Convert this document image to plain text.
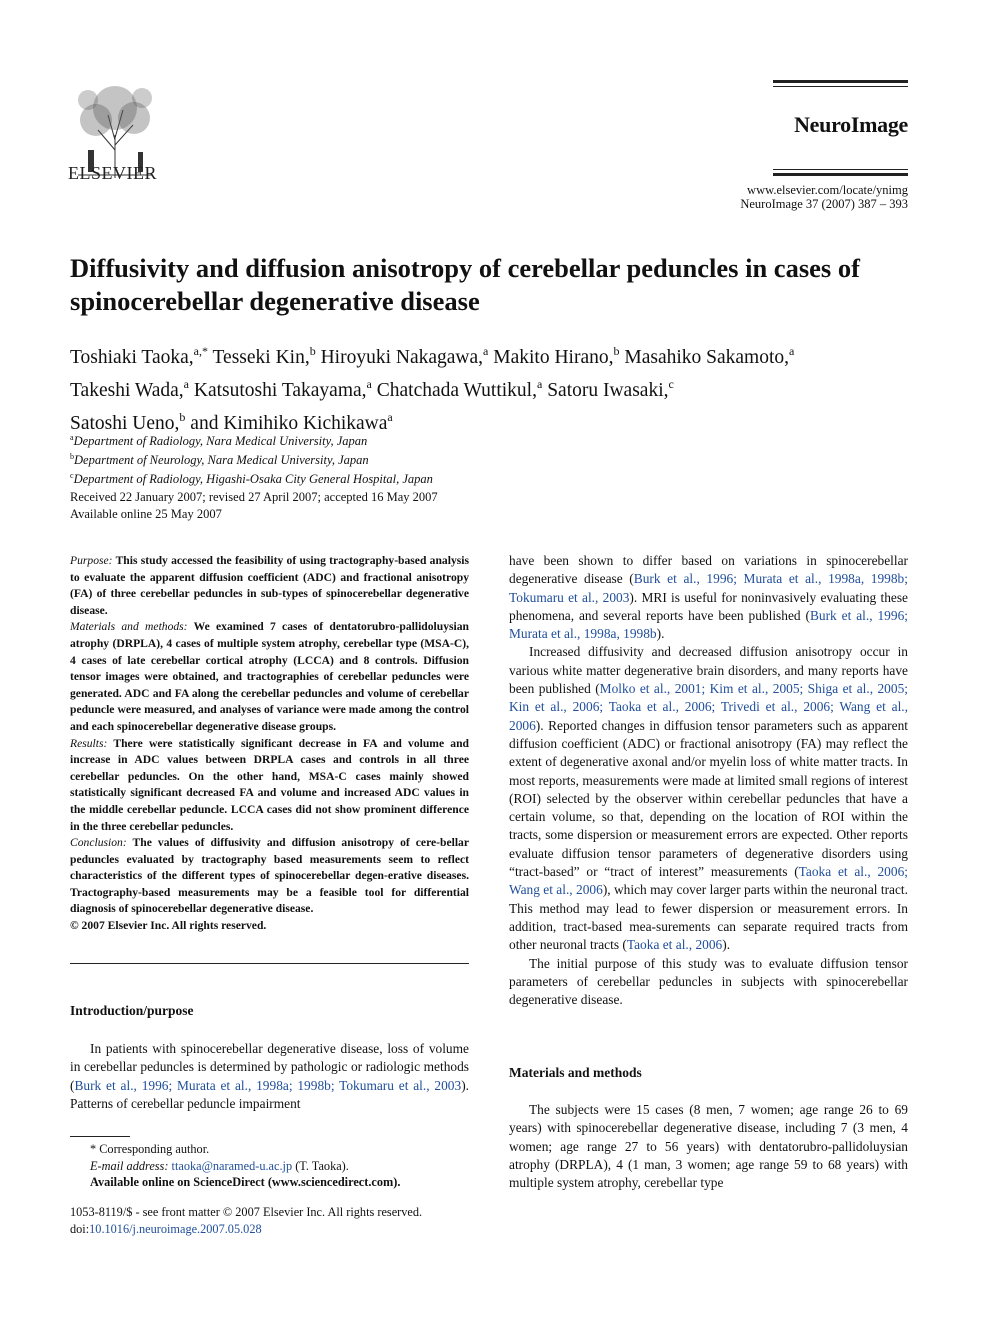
ELSEVIER
NeuroImage
www.elsevier.com/locate/ynimg
NeuroImage 37 (2007) 387 – 393
Diffusivity and diffusion anisotropy of cerebellar peduncles in cases of spinocerebellar degenerative disease
Toshiaki Taoka,$^{a,*}$ Tesseki Kin,$^b$ Hiroyuki Nakagawa,$^a$ Makito Hirano,$^b$ Masahiko Sakamoto,$^a$
Takeshi Wada,$^a$ Katsutoshi Takayama,$^a$ Chatchada Wuttikul,$^a$ Satoru Iwasaki,$^c$
Satoshi Ueno,$^b$ and Kimihiko Kichikawa$^a$
$^a$Department of Radiology, Nara Medical University, Japan
$^b$Department of Neurology, Nara Medical University, Japan
$^c$Department of Radiology, Higashi-Osaka City General Hospital, Japan
Received 22 January 2007; revised 27 April 2007; accepted 16 May 2007
Available online 25 May 2007

Purpose: This study accessed the feasibility of using tractography-based analysis to evaluate the apparent diffusion coefficient (ADC) and fractional anisotropy (FA) of three cerebellar peduncles in sub-types of spinocerebellar degenerative disease.

Materials and methods: We examined 7 cases of dentatorubro-pallidoluysian atrophy (DRPLA), 4 cases of multiple system atrophy, cerebellar type (MSA-C), 4 cases of late cerebellar cortical atrophy (LCCA) and 8 controls. Diffusion tensor images were obtained, and tractographies of cerebellar peduncles were generated. ADC and FA along the cerebellar peduncles and volume of cerebellar peduncle were measured, and analyses of variance were made among the control and each spinocerebellar degenerative disease groups.

Results: There were statistically significant decrease in FA and volume and increase in ADC values between DRPLA cases and controls in all three cerebellar peduncles. On the other hand, MSA-C cases mainly showed statistically significant decreased FA and volume and increased ADC values in the middle cerebellar peduncle. LCCA cases did not show prominent difference in the three cerebellar peduncles.

Conclusion: The values of diffusivity and diffusion anisotropy of cere-bellar peduncles evaluated by tractography based measurements seem to reflect characteristics of the different types of spinocerebellar degen-erative diseases. Tractography-based measurements may be a feasible tool for differential diagnosis of spinocerebellar degenerative disease.

© 2007 Elsevier Inc. All rights reserved.

Introduction/purpose

In patients with spinocerebellar degenerative disease, loss of volume in cerebellar peduncles is determined by pathologic or radiologic methods (Burk et al., 1996; Murata et al., 1998a; 1998b; Tokumaru et al., 2003). Patterns of cerebellar peduncle impairment

* Corresponding author.
E-mail address: ttaoka@naramed-u.ac.jp (T. Taoka).
Available online on ScienceDirect (www.sciencedirect.com).
1053-8119/$ - see front matter © 2007 Elsevier Inc. All rights reserved.
doi:10.1016/j.neuroimage.2007.05.028

have been shown to differ based on variations in spinocerebellar degenerative disease (Burk et al., 1996; Murata et al., 1998a, 1998b; Tokumaru et al., 2003). MRI is useful for noninvasively evaluating these phenomena, and several reports have been published (Burk et al., 1996; Murata et al., 1998a, 1998b).

Increased diffusivity and decreased diffusion anisotropy occur in various white matter degenerative brain disorders, and many reports have been published (Molko et al., 2001; Kim et al., 2005; Shiga et al., 2005; Kin et al., 2006; Taoka et al., 2006; Trivedi et al., 2006; Wang et al., 2006). Reported changes in diffusion tensor parameters such as apparent diffusion coefficient (ADC) or fractional anisotropy (FA) may reflect the extent of degenerative axonal and/or myelin loss of white matter tracts. In most reports, measurements were made at limited small regions of interest (ROI) selected by the observer within cerebellar peduncles that have a certain volume, so that, depending on the location of ROI within the tracts, some dispersion or measurement errors are expected. Other reports evaluate diffusion tensor parameters of degenerative disorders using “tract-based” or “tract of interest” measurements (Taoka et al., 2006; Wang et al., 2006), which may cover larger parts within the neuronal tract. This method may lead to fewer dispersion or measurement errors. In addition, tract-based mea-surements can separate required tracts from other neuronal tracts (Taoka et al., 2006).

The initial purpose of this study was to evaluate diffusion tensor parameters of cerebellar peduncles in subjects with spinocerebellar degenerative disease.

Materials and methods

The subjects were 15 cases (8 men, 7 women; age range 26 to 69 years) with spinocerebellar degenerative disease, including 7 (3 men, 4 women; age range 27 to 56 years) with dentatorubro-pallidoluysian atrophy (DRPLA), 4 (1 man, 3 women; age range 59 to 68 years) with multiple system atrophy, cerebellar type
